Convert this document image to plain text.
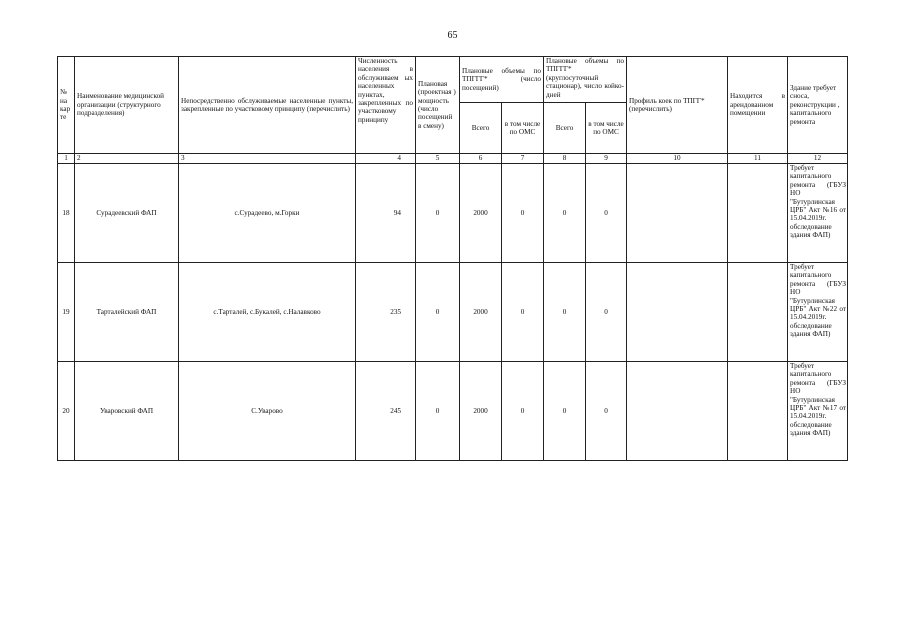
65
№ на кар те	Наименование медицинской организации (структурного подразделения)	Непосредственно обслуживаемые населенные пункты, закрепленные по участковому принципу (перечислить)	Численность населения в обслуживаем ых населенных пунктах, закрепленных по участковому принципу	Плановая (проектная ) мощность (число посещений в смену)	Плановые объемы по ТПГГГ* (число посещений)		Плановые объемы по ТПГГГ* (круглосуточный стационар), число койко-дней		Профиль коек по ТПГГ* (перечислить)	Находится в арендованном помещении	Здание требует сноса, реконструкции , капитального ремонта
					Всего	в том числе по ОМС	Всего	в том числе по ОМС			
1	2	3	4	5	6	7	8	9	10	11	12
18	Сурадеевский ФАП	с.Сурадеево, м.Горки	94	0	2000	0	0	0			Требует капитального ремонта (ГБУЗ НО "Бутурлинская ЦРБ" Акт №16 от 15.04.2019г. обследование здания ФАП)
19	Тарталейский ФАП	с.Тарталей, с.Букалей, с.Налавково	235	0	2000	0	0	0			Требует капитального ремонта (ГБУЗ НО "Бутурлинская ЦРБ" Акт №22 от 15.04.2019г. обследование здания ФАП)
20	Уваровский ФАП	С.Уварово	245	0	2000	0	0	0			Требует капитального ремонта (ГБУЗ НО "Бутурлинская ЦРБ" Акт №17 от 15.04.2019г. обследование здания ФАП)
